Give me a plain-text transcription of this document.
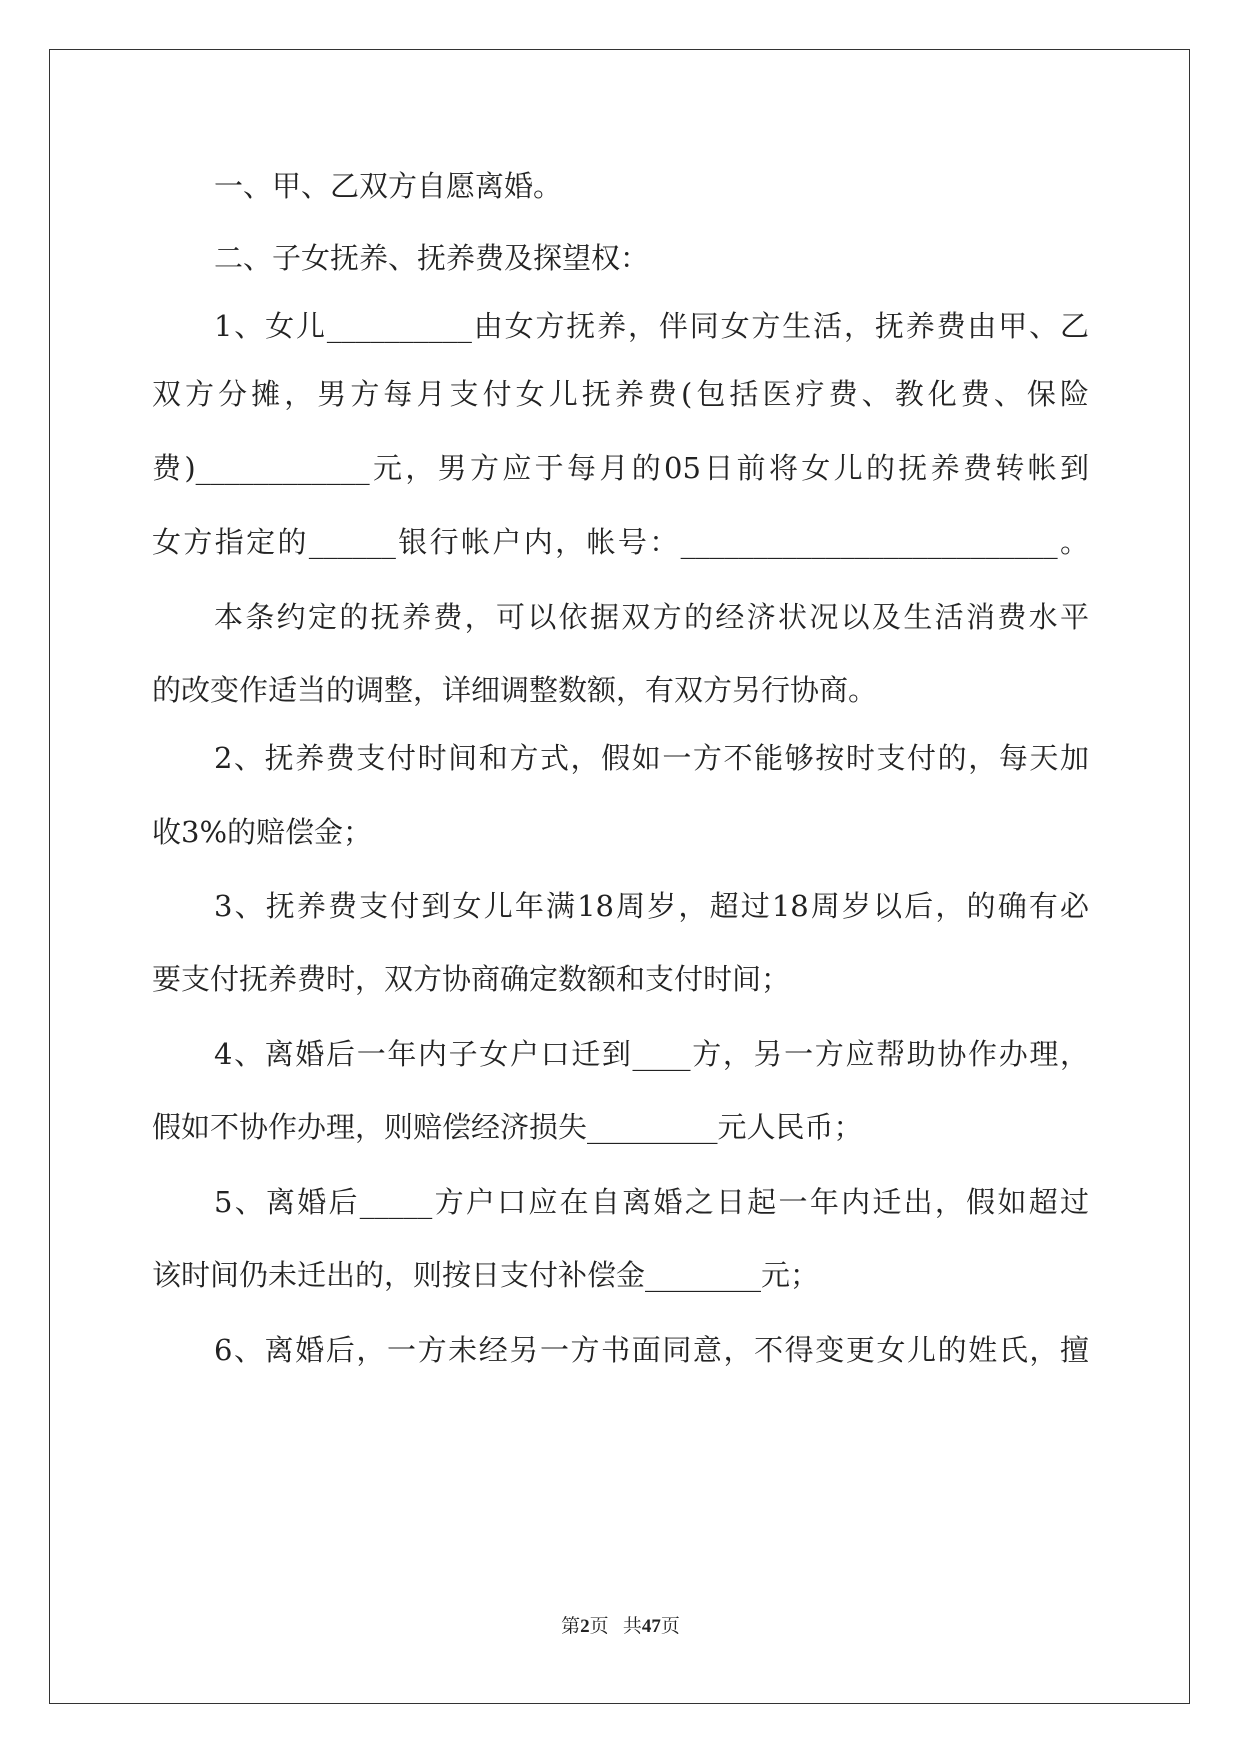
一、甲、乙双方自愿离婚。
二、子女抚养、抚养费及探望权：
1、女儿__________由女方抚养，伴同女方生活，抚养费由甲、乙
双方分摊，男方每月支付女儿抚养费(包括医疗费、教化费、保险
费)____________元，男方应于每月的05日前将女儿的抚养费转帐到
女方指定的______银行帐户内，帐号：__________________________。
本条约定的抚养费，可以依据双方的经济状况以及生活消费水平
的改变作适当的调整，详细调整数额，有双方另行协商。
2、抚养费支付时间和方式，假如一方不能够按时支付的，每天加
收3%的赔偿金；
3、抚养费支付到女儿年满18周岁，超过18周岁以后，的确有必
要支付抚养费时，双方协商确定数额和支付时间；
4、离婚后一年内子女户口迁到____方，另一方应帮助协作办理，
假如不协作办理，则赔偿经济损失_________元人民币；
5、离婚后_____方户口应在自离婚之日起一年内迁出，假如超过
该时间仍未迁出的，则按日支付补偿金________元；
6、离婚后，一方未经另一方书面同意，不得变更女儿的姓氏，擅
第2页 共47页
